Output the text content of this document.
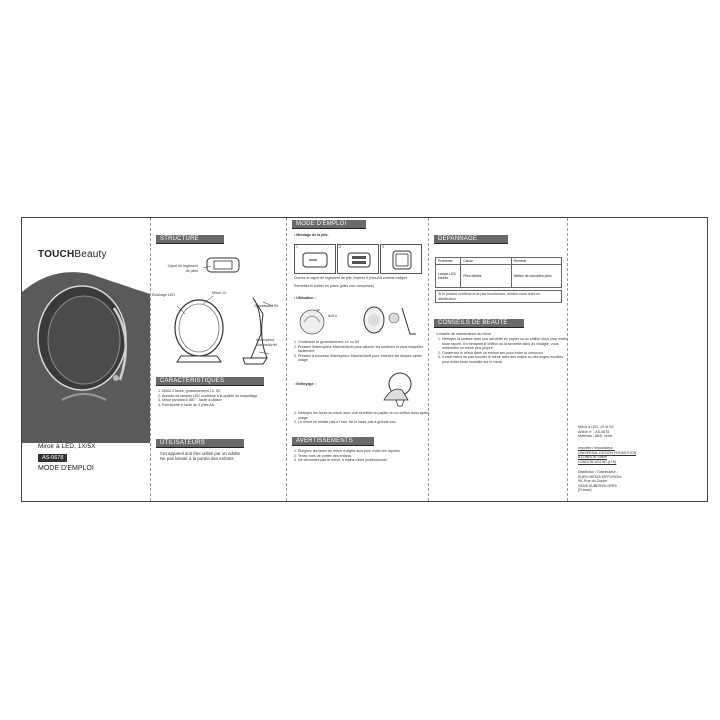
TOUCHBeauty
Miroir à LED, 1X/5X
AS-0678
MODE D'EMPLOI
STRUCTURE
Capot de logement de piles
Éclairage LED	Miroir 1X
Grossissant 5X
Interrupteur Marche/Arrêt
CARACTÉRISTIQUES
1. Miroir 2 faces, grossissement 1X, 5X
2. Anneau de lampes LED contribue à la qualité du maquillage
3. Miroir pivotant à 360 °, facile à utiliser
4. Fonctionne à l'aide de 3 piles AA
UTILISATEURS
Cet appareil doit être utilisé par un adulte
Ne pas laisser à la portée des enfants
MODE D'EMPLOI
• Montage de la pile:
1	2	3
Ouvrez le capot de logement de pile, insérez 3 piles AA comme indiqué
Remettez le boîtier en place (piles non comprises)
• Utilisation :
5x/1X
1x
1. Choisissez le grossissement 1X ou 5X
2. Pressez l'interrupteur Marche/Arrêt pour allumer les lumières et vous maquiller facilement
3. Pressez à nouveau l'interrupteur Marche/Arrêt pour éteindre les lampes après usage
• Nettoyage :
1. Nettoyez les faces du miroir avec une serviette en papier ou un chiffon doux après usage
2. Le miroir ne résiste pas à l'eau. Ne le lavez pas à grande eau
AVERTISSEMENTS
1. Éloignez les faces du miroir d'objets durs pour éviter les rayures
2. Tenez hors de portée des enfants
3. Ne démontez pas le miroir, à moins d'être professionnel
DÉPANNAGE
Problème	Cause	Remède
Lampe LED éteinte	Piles faibles	Mettez de nouvelles piles
Si le produit continue à ne pas fonctionner, rendez-vous chez un distributeur.
CONSEILS DE BEAUTÉ
Conseils de maintenance du miroir
1. Nettoyez la surface avec une serviette en papier ou un chiffon doux pour éviter toute rayure. En trempant le chiffon ou la serviette dans du vinaigre, vous obtiendrez un miroir plus propre
2. Conservez le miroir dans un endroit sec pour éviter la corrosion
3. Il vaut mieux ne pas toucher le miroir avec des mains ou des linges mouillés pour éviter toute humidité sur le miroir
Miroir à LED, 1X et 5X
Article n° : AS-0678
Matériau : ABS, verre
Importer / Importateur :
UNIVERSAL DESIGN PROMOTION
8 LONDON Street
LONDON W21HR (U.K)
Distributor / Distributeur :
EURO MEDIA DIFFUSION
95, Rue du Goulet
93300 AUBERVILLIERS
(France)
